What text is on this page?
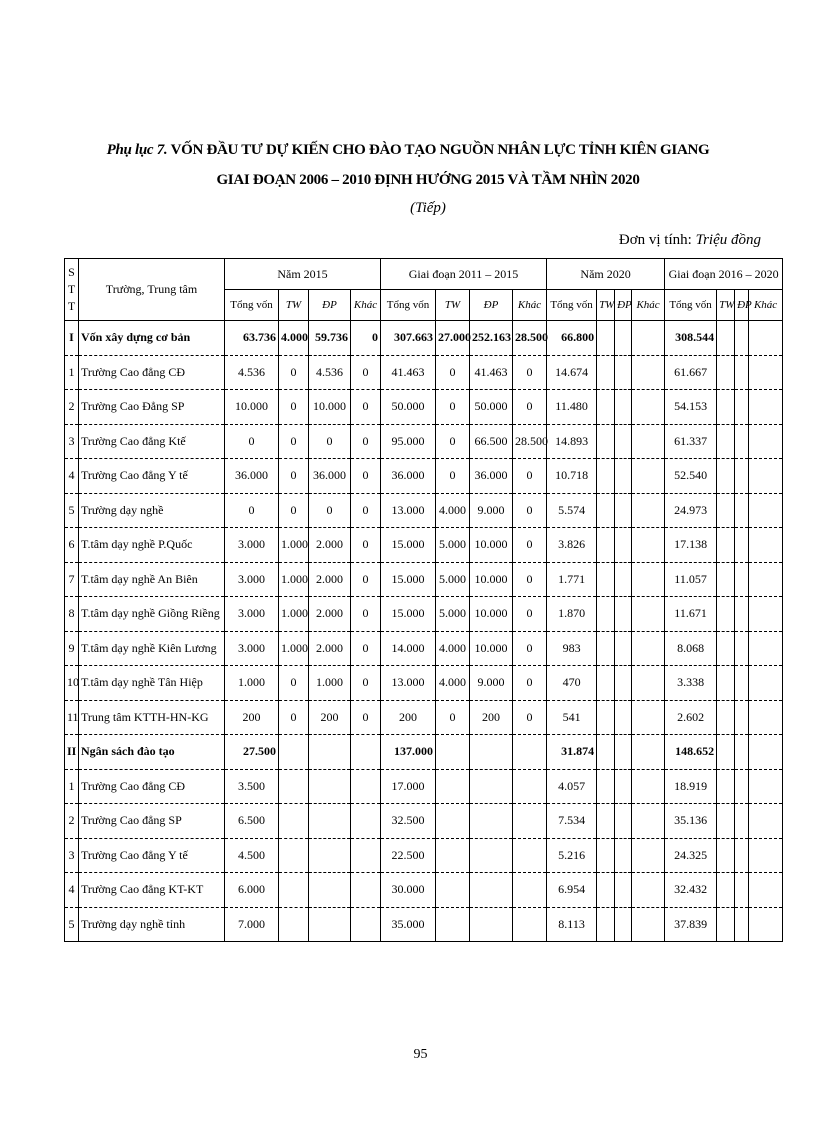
Phụ lục 7. VỐN ĐẦU TƯ DỰ KIẾN CHO ĐÀO TẠO NGUỒN NHÂN LỰC TỈNH KIÊN GIANG
GIAI ĐOẠN 2006 – 2010 ĐỊNH HƯỚNG 2015 VÀ TẦM NHÌN 2020
(Tiếp)
Đơn vị tính: Triệu đồng
S
T
T	Trường, Trung tâm	Năm 2015				Giai đoạn 2011 – 2015				Năm 2020				Giai đoạn 2016 – 2020			
		Tổng vốn	TW	ĐP	Khác	Tổng vốn	TW	ĐP	Khác	Tổng vốn	TW	ĐP	Khác	Tổng vốn	TW	ĐP	Khác
I	Vốn xây dựng cơ bản	63.736	4.000	59.736	0	307.663	27.000	252.163	28.500	66.800				308.544			
1	Trường Cao đẳng CĐ	4.536	0	4.536	0	41.463	0	41.463	0	14.674				61.667			
2	Trường Cao Đẳng SP	10.000	0	10.000	0	50.000	0	50.000	0	11.480				54.153			
3	Trường Cao đẳng Ktế	0	0	0	0	95.000	0	66.500	28.500	14.893				61.337			
4	Trường Cao đẳng Y tế	36.000	0	36.000	0	36.000	0	36.000	0	10.718				52.540			
5	Trường dạy nghề	0	0	0	0	13.000	4.000	9.000	0	5.574				24.973			
6	T.tâm dạy nghề P.Quốc	3.000	1.000	2.000	0	15.000	5.000	10.000	0	3.826				17.138			
7	T.tâm dạy nghề An Biên	3.000	1.000	2.000	0	15.000	5.000	10.000	0	1.771				11.057			
8	T.tâm dạy nghề Giồng Riềng	3.000	1.000	2.000	0	15.000	5.000	10.000	0	1.870				11.671			
9	T.tâm dạy nghề Kiên Lương	3.000	1.000	2.000	0	14.000	4.000	10.000	0	983				8.068			
10	T.tâm dạy nghề Tân Hiệp	1.000	0	1.000	0	13.000	4.000	9.000	0	470				3.338			
11	Trung tâm KTTH-HN-KG	200	0	200	0	200	0	200	0	541				2.602			
II	Ngân sách đào tạo	27.500				137.000				31.874				148.652			
1	Trường Cao đẳng CĐ	3.500				17.000				4.057				18.919			
2	Trường Cao đẳng SP	6.500				32.500				7.534				35.136			
3	Trường Cao đẳng Y tế	4.500				22.500				5.216				24.325			
4	Trường Cao đẳng KT-KT	6.000				30.000				6.954				32.432			
5	Trường dạy nghề tỉnh	7.000				35.000				8.113				37.839			
95
